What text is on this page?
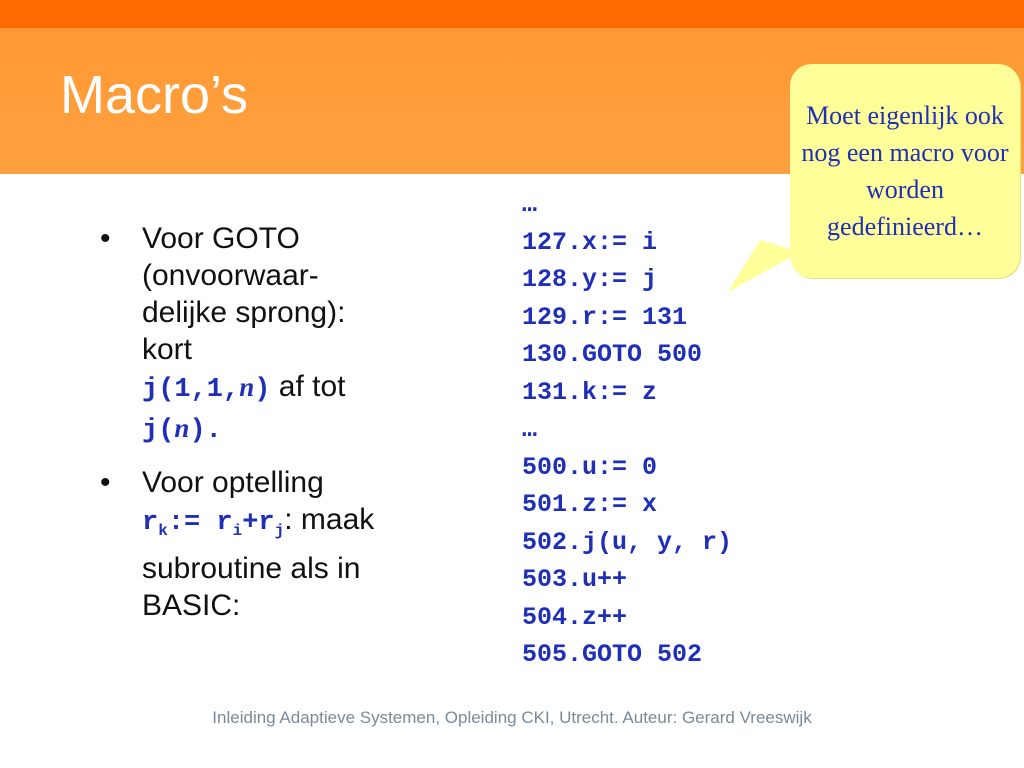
Macro’s
• Voor GOTO (onvoorwaar-delijke sprong): kort
j(1,1,n) af tot
j(n).
• Voor optelling
$r_k:= r_i+r_j$: maak subroutine als in BASIC:
…
127.x:= i
128.y:= j
129.r:= 131
130.GOTO 500
131.k:= z
…
500.u:= 0
501.z:= x
502.j(u, y, r)
503.u++
504.z++
505.GOTO 502
Moet eigenlijk ook nog een macro voor worden gedefinieerd…
Inleiding Adaptieve Systemen, Opleiding CKI, Utrecht. Auteur: Gerard Vreeswijk
